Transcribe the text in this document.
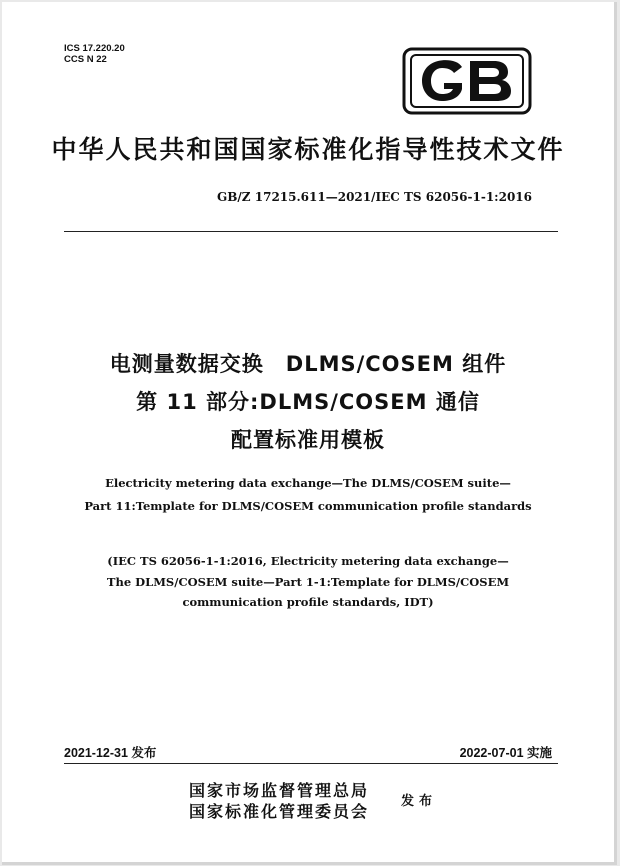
ICS 17.220.20
CCS N 22
中华人民共和国国家标准化指导性技术文件
GB/Z 17215.611—2021/IEC TS 62056-1-1:2016
电测量数据交换　DLMS/COSEM 组件
第 11 部分:DLMS/COSEM 通信
配置标准用模板
Electricity metering data exchange—The DLMS/COSEM suite—
Part 11:Template for DLMS/COSEM communication profile standards
(IEC TS 62056-1-1:2016, Electricity metering data exchange—
The DLMS/COSEM suite—Part 1-1:Template for DLMS/COSEM
communication profile standards, IDT)
2021-12-31 发布	2022-07-01 实施
国家市场监督管理总局
国家标准化管理委员会
发布
